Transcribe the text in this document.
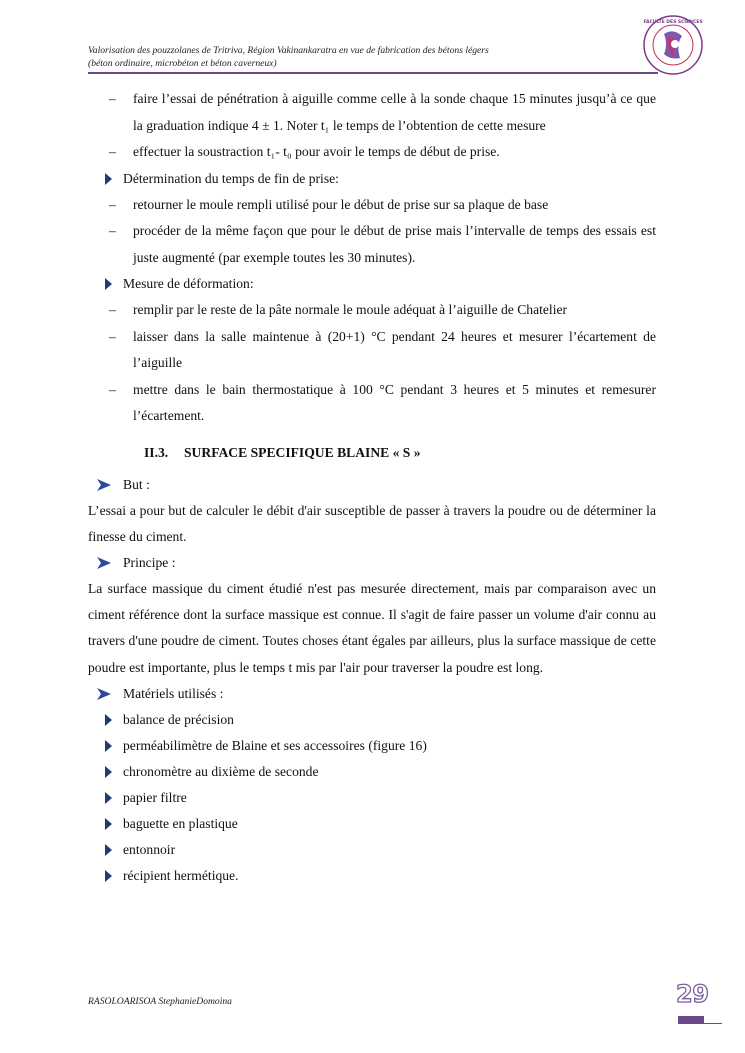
Valorisation des pouzzolanes de Tritriva, Région Vakinankaratra en vue de fabrication des bétons légers
(béton ordinaire, microbéton et béton caverneux)
FACULTE DES SCIENCES
– faire l’essai de pénétration à aiguille comme celle à la sonde chaque 15 minutes jusqu’à ce que la graduation indique 4 ± 1. Noter t₁ le temps de l’obtention de cette mesure
– effectuer la soustraction t₁- t₀ pour avoir le temps de début de prise.
Détermination du temps de fin de prise:
– retourner le moule rempli utilisé pour le début de prise sur sa plaque de base
– procéder de la même façon que pour le début de prise mais l’intervalle de temps des essais est juste augmenté (par exemple toutes les 30 minutes).
Mesure de déformation:
– remplir par le reste de la pâte normale le moule adéquat à l’aiguille de Chatelier
– laisser dans la salle maintenue à (20+1) °C pendant 24 heures et mesurer l’écartement de l’aiguille
– mettre dans le bain thermostatique à 100 °C pendant 3 heures et 5 minutes et remesurer l’écartement.
II.3. SURFACE SPECIFIQUE BLAINE « S »
But :
L’essai a pour but de calculer le débit d'air susceptible de passer à travers la poudre ou de déterminer la finesse du ciment.
Principe :
La surface massique du ciment étudié n'est pas mesurée directement, mais par comparaison avec un ciment référence dont la surface massique est connue. Il s'agit de faire passer un volume d'air connu au travers d'une poudre de ciment. Toutes choses étant égales par ailleurs, plus la surface massique de cette poudre est importante, plus le temps t mis par l'air pour traverser la poudre est long.
Matériels utilisés :
balance de précision
perméabilimètre de Blaine et ses accessoires (figure 16)
chronomètre au dixième de seconde
papier filtre
baguette en plastique
entonnoir
récipient hermétique.
RASOLOARISOA StephanieDomoina	29
